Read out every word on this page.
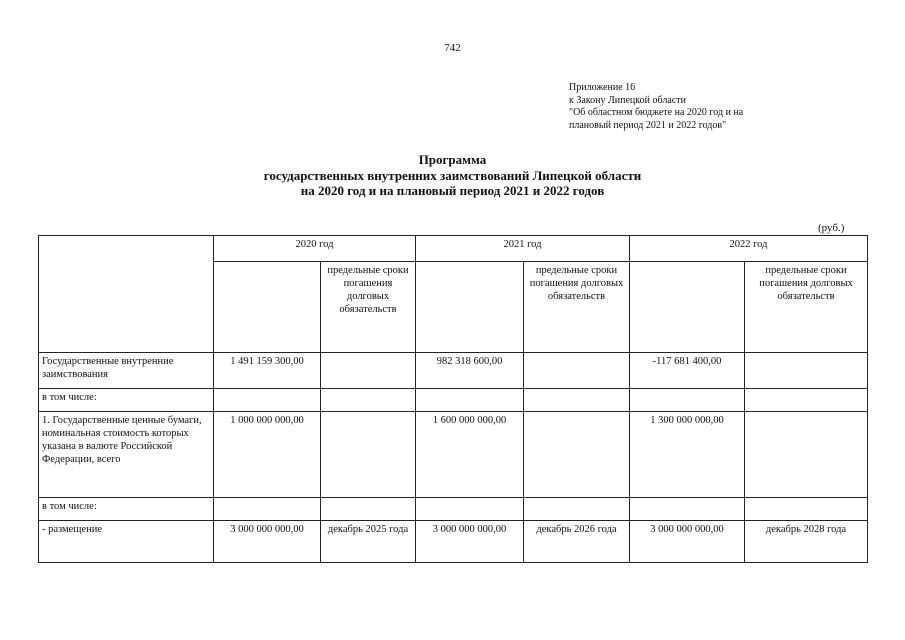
742
Приложение 16
к Закону Липецкой области
"Об областном бюджете на 2020 год и на
плановый период 2021 и 2022 годов"
Программа
государственных внутренних заимствований Липецкой области
на 2020 год и на плановый период 2021 и 2022 годов
(руб.)
	2020 год		2021 год		2022 год	
		предельные сроки погашения долговых обязательств		предельные сроки погашения долговых обязательств		предельные сроки погашения долговых обязательств
Государственные внутренние заимствования	1 491 159 300,00		982 318 600,00		-117 681 400,00	
в том числе:						
1. Государственные ценные бумаги, номинальная стоимость которых указана в валюте Российской Федерации, всего	1 000 000 000,00		1 600 000 000,00		1 300 000 000,00	
в том числе:						
- размещение	3 000 000 000,00	декабрь 2025 года	3 000 000 000,00	декабрь 2026 года	3 000 000 000,00	декабрь 2028 года
